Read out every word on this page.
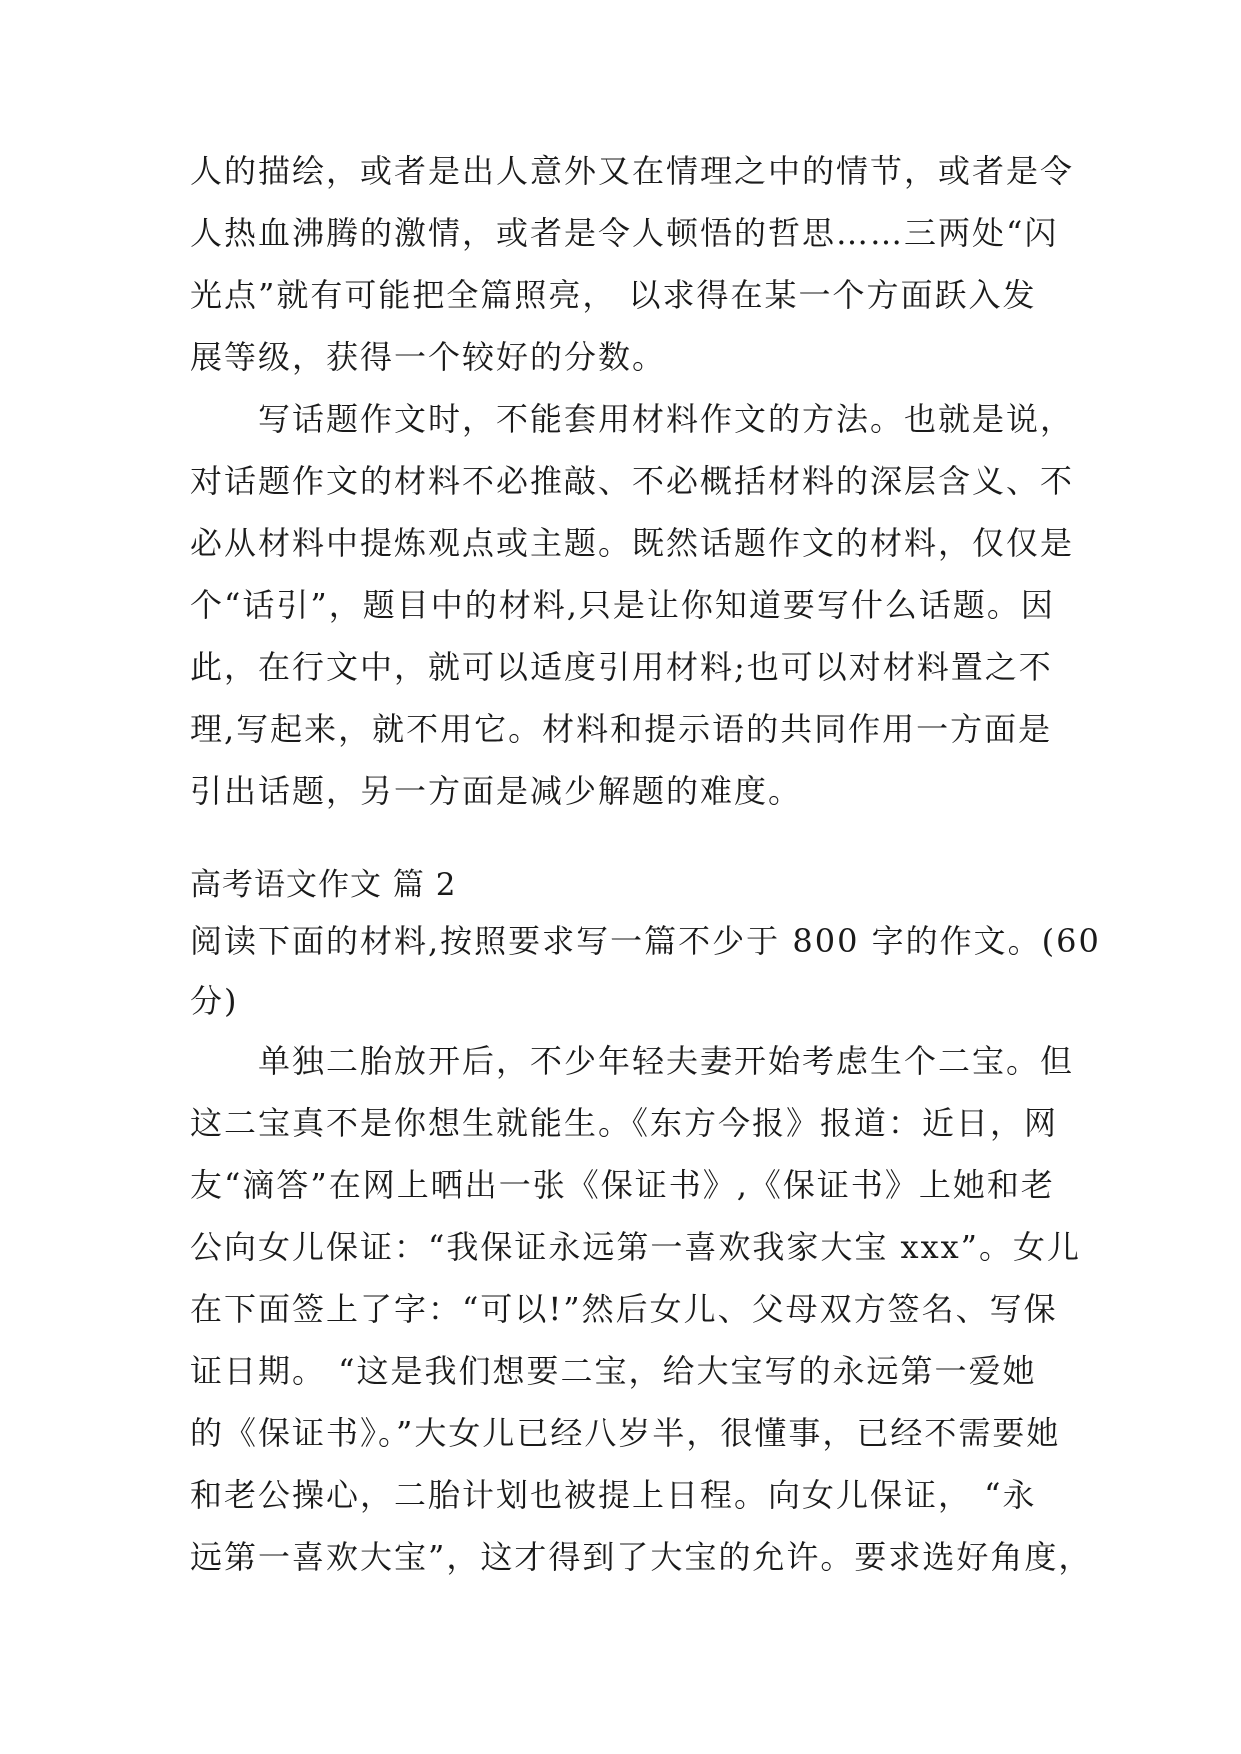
人的描绘，或者是出人意外又在情理之中的情节，或者是令
人热血沸腾的激情，或者是令人顿悟的哲思……三两处“闪
光点”就有可能把全篇照亮， 以求得在某一个方面跃入发
展等级，获得一个较好的分数。
　　写话题作文时，不能套用材料作文的方法。也就是说，
对话题作文的材料不必推敲、不必概括材料的深层含义、不
必从材料中提炼观点或主题。既然话题作文的材料，仅仅是
个“话引”，题目中的材料,只是让你知道要写什么话题。因
此，在行文中，就可以适度引用材料;也可以对材料置之不
理,写起来，就不用它。材料和提示语的共同作用一方面是
引出话题，另一方面是减少解题的难度。
高考语文作文 篇 2
阅读下面的材料,按照要求写一篇不少于 800 字的作文。(60
分)
　　单独二胎放开后，不少年轻夫妻开始考虑生个二宝。但
这二宝真不是你想生就能生。《东方今报》报道：近日，网
友“滴答”在网上晒出一张《保证书》,《保证书》上她和老
公向女儿保证：“我保证永远第一喜欢我家大宝 xxx”。女儿
在下面签上了字：“可以!”然后女儿、父母双方签名、写保
证日期。 “这是我们想要二宝，给大宝写的永远第一爱她
的《保证书》。”大女儿已经八岁半，很懂事，已经不需要她
和老公操心，二胎计划也被提上日程。向女儿保证， “永
远第一喜欢大宝”，这才得到了大宝的允许。要求选好角度，
